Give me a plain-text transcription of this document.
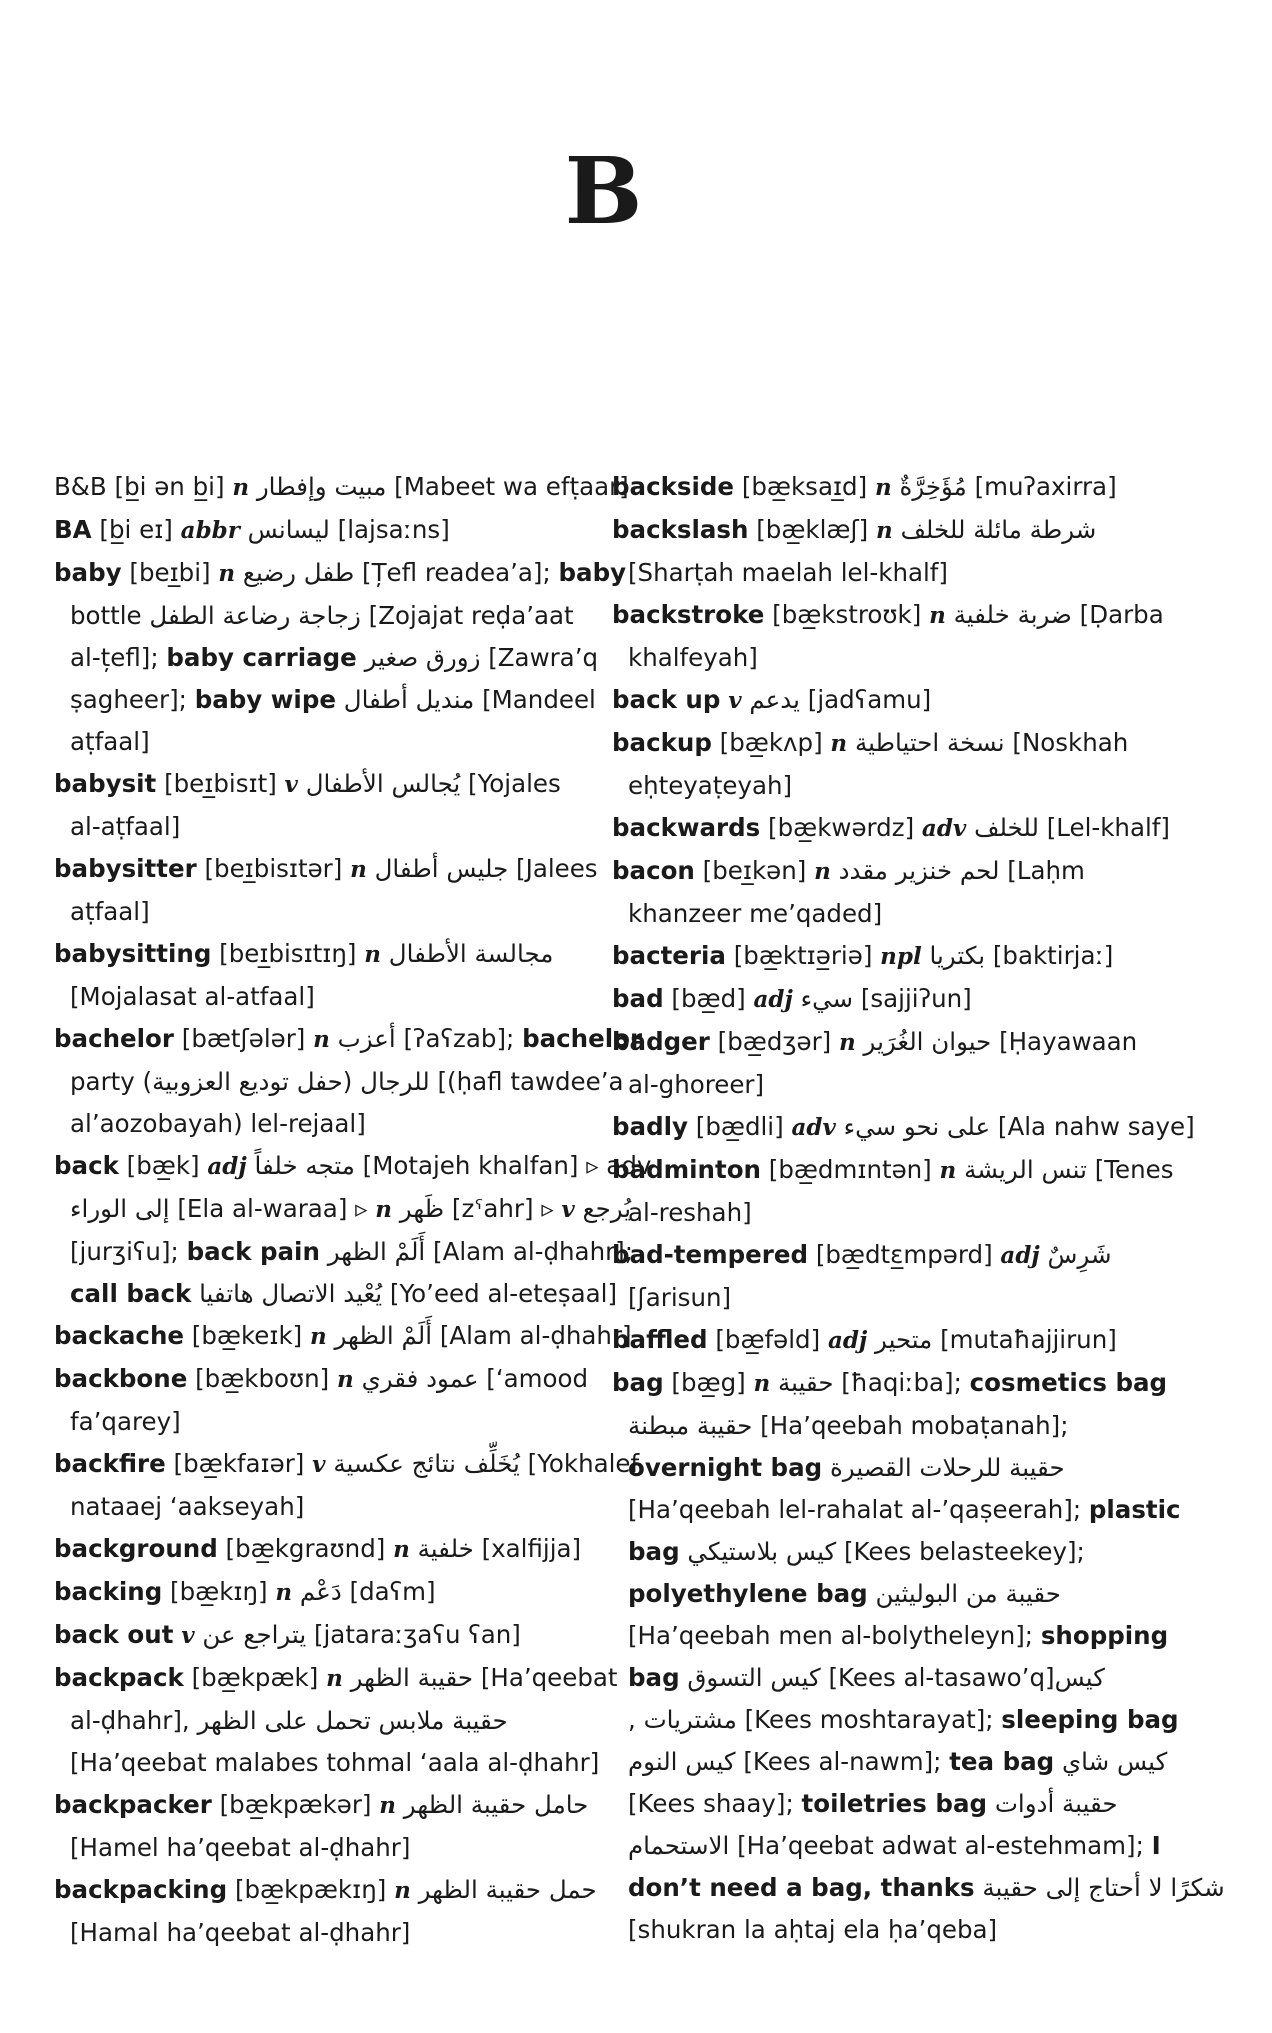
B
B&B [b̲i ən b̲i] n مبيت وإفطار [Mabeet wa efṭaar]
BA [b̲i eɪ] abbr ليسانس [lajsaːns]
baby [beɪ̲bi] n طفل رضيع [Țefl readea’a]; baby
bottle زجاجة رضاعة الطفل [Zojajat reḍa’aat
al-țefl]; baby carriage زورق صغير [Zawra’q
ṣagheer]; baby wipe منديل أطفال [Mandeel
aṭfaal]
babysit [beɪ̲bisɪt] v يُجالس الأطفال [Yojales
al-aṭfaal]
babysitter [beɪ̲bisɪtər] n جليس أطفال [Jalees
aṭfaal]
babysitting [beɪ̲bisɪtɪŋ] n مجالسة الأطفال
[Mojalasat al-atfaal]
bachelor [bætʃələr] n أعزب [ʔaʕzab]; bachelor
party (حفل توديع العزوبية) للرجال [(ḥafl tawdee’a
al’aozobayah) lel-rejaal]
back [bæ̲k] adj متجه خلفاً [Motajeh khalfan] ▹ adv
إلى الوراء [Ela al-waraa] ▹ n ظَهر [zˤahr] ▹ v يُرجع
[jurʒiʕu]; back pain أَلَمْ الظهر [Alam al-ḍhahr];
call back يُعْيد الاتصال هاتفيا [Yo’eed al-eteṣaal]
backache [bæ̲keɪk] n أَلَمْ الظهر [Alam al-ḍhahr]
backbone [bæ̲kboʊn] n عمود فقري [‘amood
fa’qarey]
backfire [bæ̲kfaɪər] v يُخَلِّف نتائج عكسية [Yokhalef
nataaej ‘aakseyah]
background [bæ̲kgraʊnd] n خلفية [xalfijja]
backing [bæ̲kɪŋ] n دَعْم [daʕm]
back out v يتراجع عن [jataraːʒaʕu ʕan]
backpack [bæ̲kpæk] n حقيبة الظهر [Ha’qeebat
al-ḍhahr], حقيبة ملابس تحمل على الظهر
[Ha’qeebat malabes tohmal ‘aala al-ḍhahr]
backpacker [bæ̲kpækər] n حامل حقيبة الظهر
[Hamel ha’qeebat al-ḍhahr]
backpacking [bæ̲kpækɪŋ] n حمل حقيبة الظهر
[Hamal ha’qeebat al-ḍhahr]
backside [bæ̲ksaɪ̲d] n مُؤَخِرَّةٌ [muʔaxirra]
backslash [bæ̲klæʃ] n شرطة مائلة للخلف
[Sharṭah maelah lel-khalf]
backstroke [bæ̲kstroʊk] n ضربة خلفية [Ḍarba
khalfeyah]
back up v يدعم [jadʕamu]
backup [bæ̲kʌp] n نسخة احتياطية [Noskhah
eḥteyaṭeyah]
backwards [bæ̲kwərdz] adv للخلف [Lel-khalf]
bacon [beɪ̲kən] n لحم خنزير مقدد [Laḥm
khanzeer me’qaded]
bacteria [bæ̲ktɪə̲riə] npl بكتريا [baktirjaː]
bad [bæ̲d] adj سيء [sajjiʔun]
badger [bæ̲dʒər] n حيوان الغُرَير [Ḥayawaan
al-ghoreer]
badly [bæ̲dli] adv على نحو سيء [Ala nahw saye]
badminton [bæ̲dmɪntən] n تنس الريشة [Tenes
al-reshah]
bad-tempered [bæ̲dtɛ̲mpərd] adj شَرِسٌ
[ʃarisun]
baffled [bæ̲fəld] adj متحير [mutaħajjirun]
bag [bæ̲g] n حقيبة [ħaqiːba]; cosmetics bag
حقيبة مبطنة [Ha’qeebah mobaṭanah];
overnight bag حقيبة للرحلات القصيرة
[Ha’qeebah lel-rahalat al-’qaṣeerah]; plastic
bag كيس بلاستيكي [Kees belasteekey];
polyethylene bag حقيبة من البوليثين
[Ha’qeebah men al-bolytheleyn]; shopping
bag كيس التسوق [Kees al-tasawo’q]كيس
, مشتريات [Kees moshtarayat]; sleeping bag
كيس النوم [Kees al-nawm]; tea bag كيس شاي
[Kees shaay]; toiletries bag حقيبة أدوات
الاستحمام [Ha’qeebat adwat al-estehmam]; I
don’t need a bag, thanks شكرًا لا أحتاج إلى حقيبة
[shukran la aḥtaj ela ḥa’qeba]
